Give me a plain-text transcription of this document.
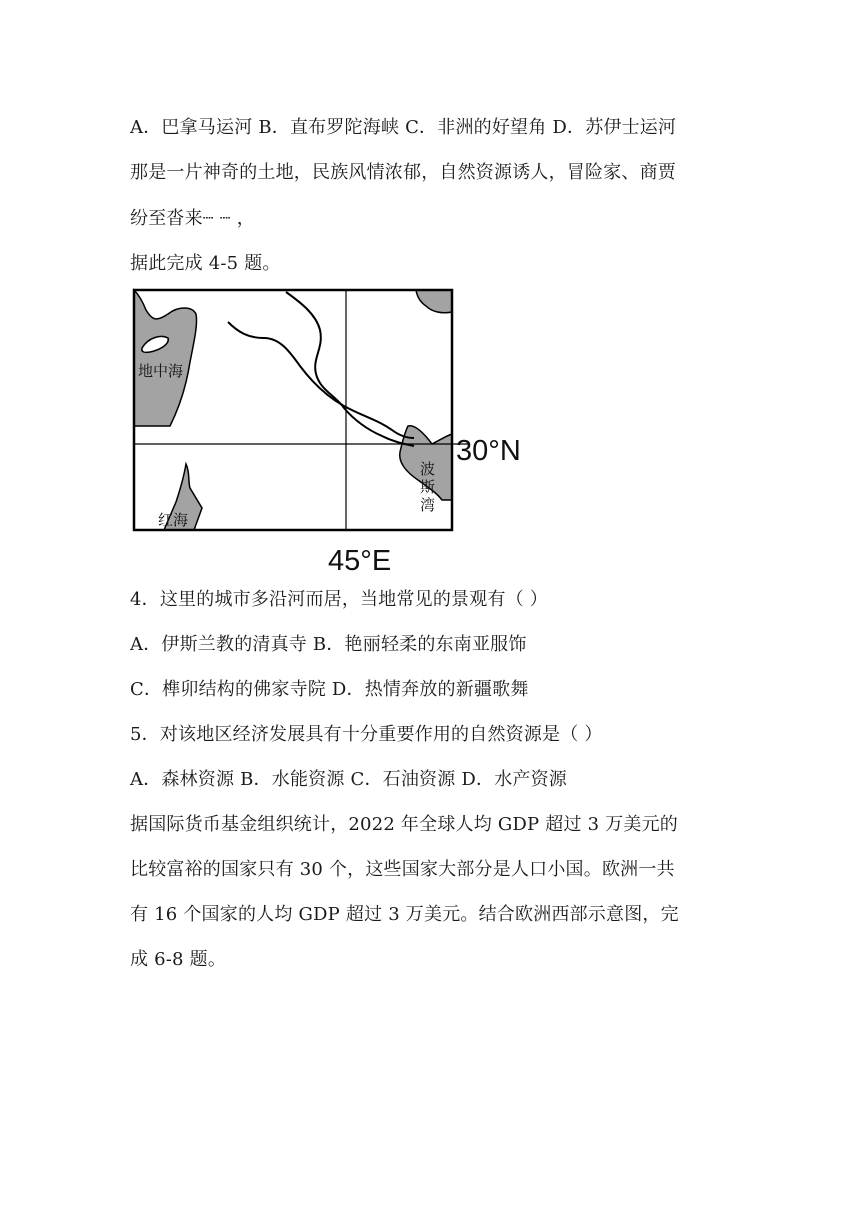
A．巴拿马运河 B．直布罗陀海峡 C．非洲的好望角 D．苏伊士运河
那是一片神奇的土地，民族风情浓郁，自然资源诱人，冒险家、商贾
纷至沓来┈ ┈ ，
据此完成 4-5 题。
地中海
红海
波
斯
湾
30°N
45°E
4．这里的城市多沿河而居，当地常见的景观有（ ）
A．伊斯兰教的清真寺 B．艳丽轻柔的东南亚服饰
C．榫卯结构的佛家寺院 D．热情奔放的新疆歌舞
5．对该地区经济发展具有十分重要作用的自然资源是（ ）
A．森林资源 B．水能资源 C．石油资源 D．水产资源
据国际货币基金组织统计，2022 年全球人均 GDP 超过 3 万美元的
比较富裕的国家只有 30 个，这些国家大部分是人口小国。欧洲一共
有 16 个国家的人均 GDP 超过 3 万美元。结合欧洲西部示意图，完
成 6-8 题。
